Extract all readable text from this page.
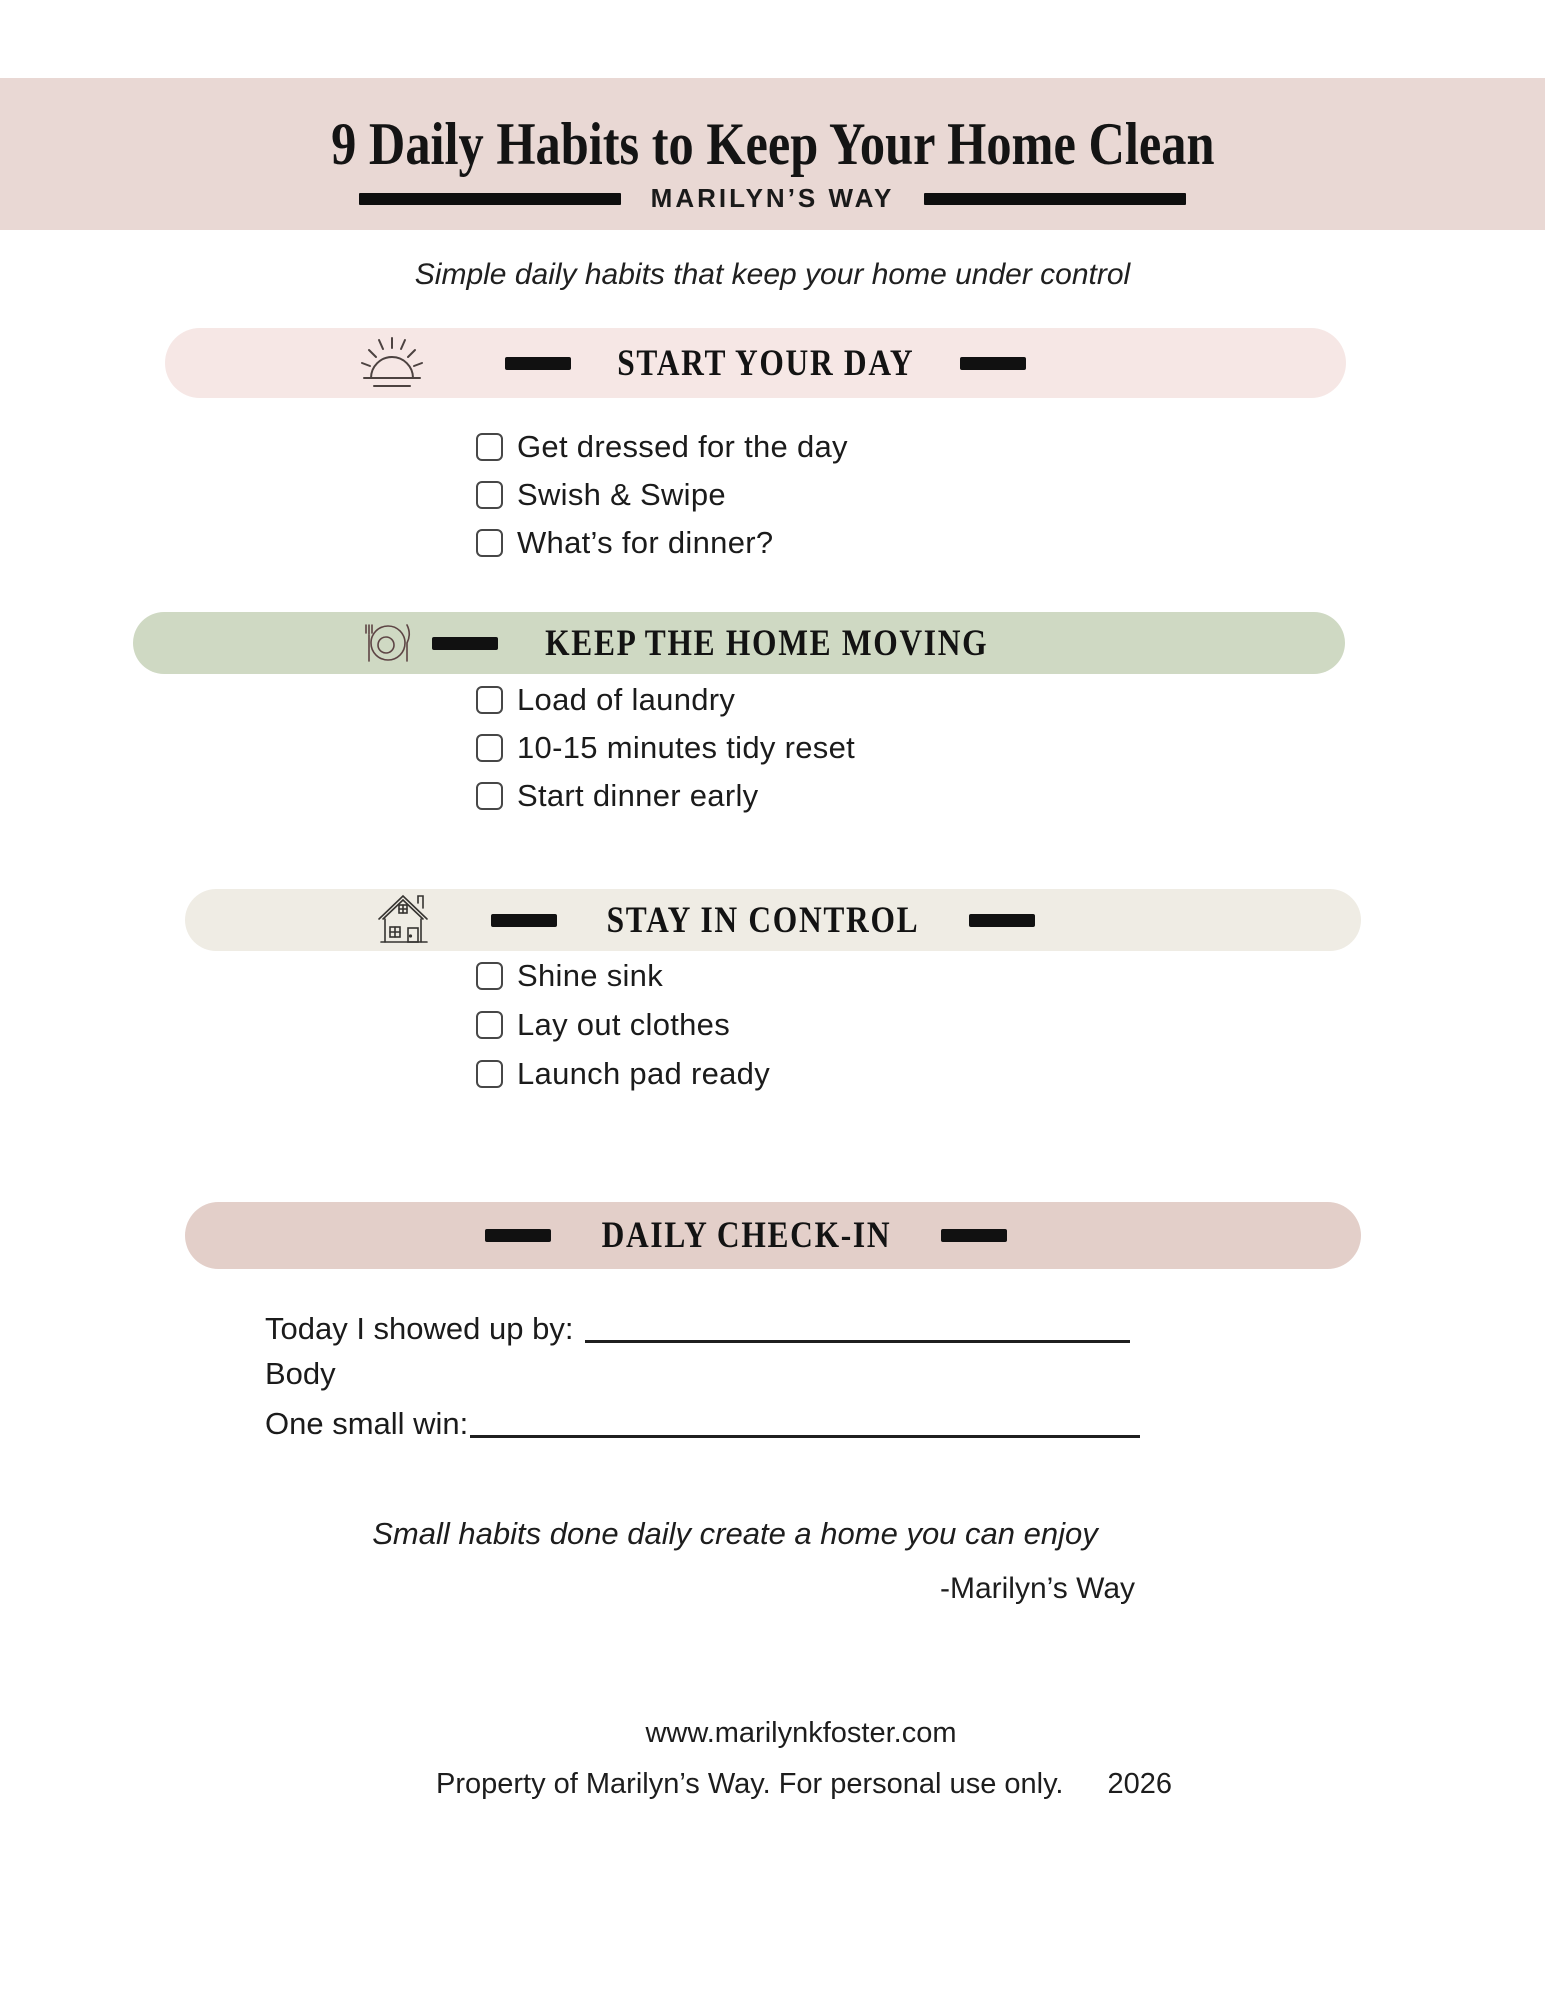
9 Daily Habits to Keep Your Home Clean
MARILYN’S WAY

Simple daily habits that keep your home under control

START YOUR DAY
Get dressed for the day
Swish & Swipe
What’s for dinner?
KEEP THE HOME MOVING
Load of laundry
10-15 minutes tidy reset
Start dinner early
STAY IN CONTROL
Shine sink
Lay out clothes
Launch pad ready
DAILY CHECK-IN
Today I showed up by:

Body

One small win:

Small habits done daily create a home you can enjoy

-Marilyn’s Way

www.marilynkfoster.com

Property of Marilyn’s Way. For personal use only. 2026
